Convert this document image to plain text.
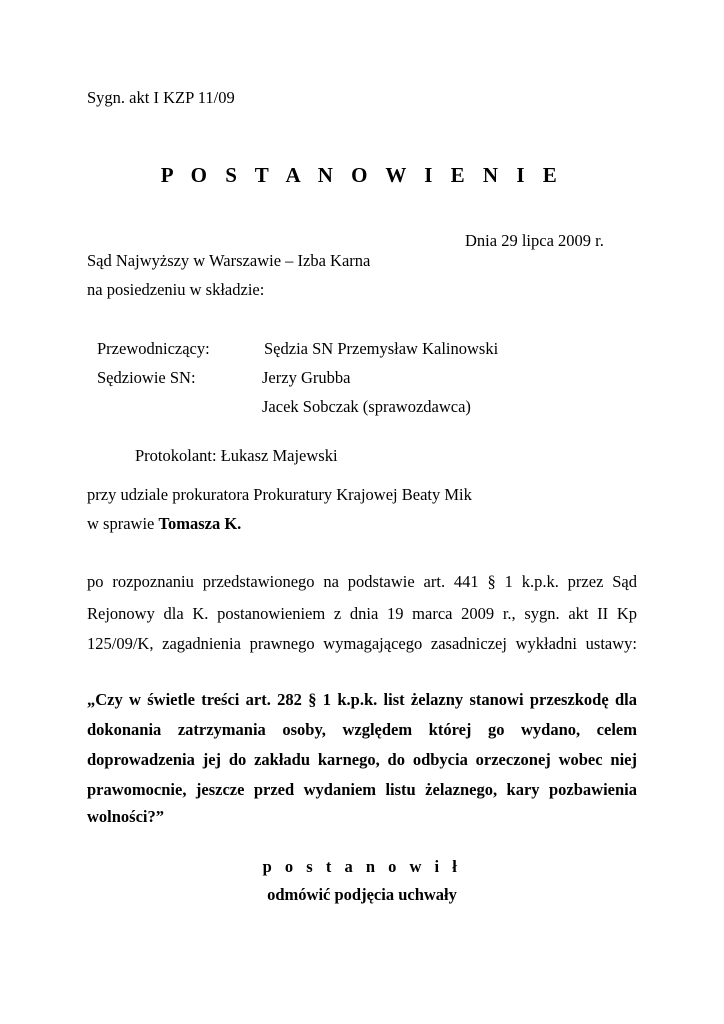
Sygn. akt I KZP 11/09

P O S T A N O W I E N I E

Dnia 29 lipca 2009 r.

Sąd Najwyższy w Warszawie – Izba Karna

na posiedzeniu w składzie:

Przewodniczący:	Sędzia SN Przemysław Kalinowski

Sędziowie SN:	Jerzy Grubba

Jacek Sobczak (sprawozdawca)

Protokolant: Łukasz Majewski

przy udziale prokuratora Prokuratury Krajowej Beaty Mik

w sprawie Tomasza K.

po rozpoznaniu przedstawionego na podstawie art. 441 § 1 k.p.k. przez Sąd

Rejonowy dla K. postanowieniem z dnia 19 marca 2009 r., sygn. akt II Kp

125/09/K, zagadnienia prawnego wymagającego zasadniczej wykładni ustawy:

„Czy w świetle treści art. 282 § 1 k.p.k. list żelazny stanowi przeszkodę dla

dokonania zatrzymania osoby, względem której go wydano, celem

doprowadzenia jej do zakładu karnego, do odbycia orzeczonej wobec niej

prawomocnie, jeszcze przed wydaniem listu żelaznego, kary pozbawienia

wolności?”

p o s t a n o w i ł

odmówić podjęcia uchwały
